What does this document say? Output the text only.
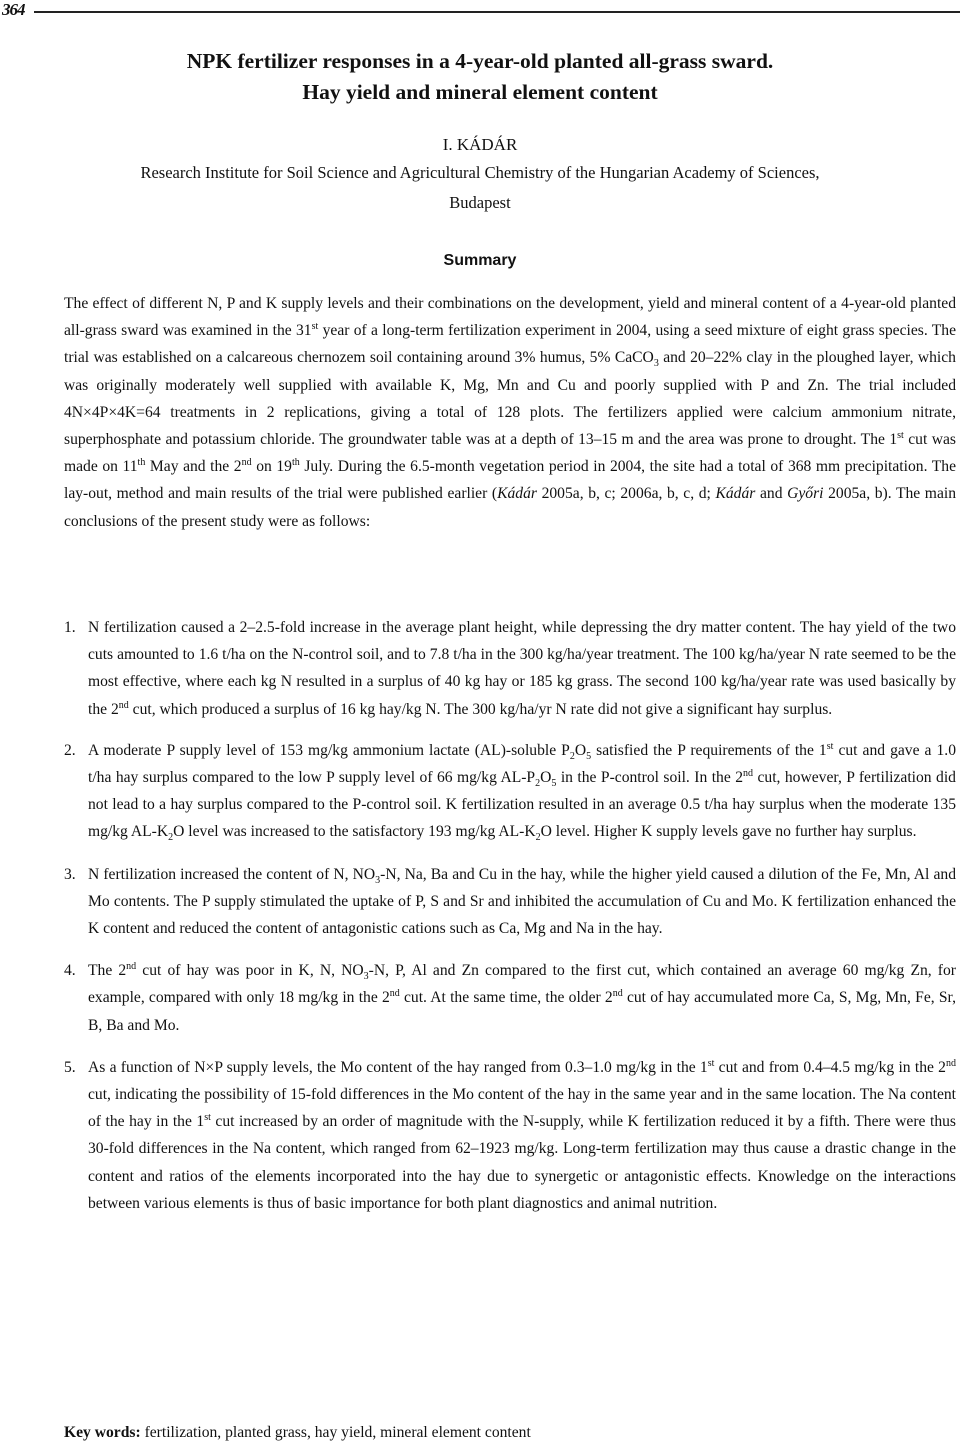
364
NPK fertilizer responses in a 4-year-old planted all-grass sward.
Hay yield and mineral element content

I. KÁDÁR

Research Institute for Soil Science and Agricultural Chemistry of the Hungarian Academy of Sciences,
Budapest

Summary

The effect of different N, P and K supply levels and their combinations on the development, yield and mineral content of a 4-year-old planted all-grass sward was examined in the 31st year of a long-term fertilization experiment in 2004, using a seed mixture of eight grass species. The trial was established on a calcareous chernozem soil containing around 3% humus, 5% CaCO$_3$ and 20–22% clay in the ploughed layer, which was originally moderately well supplied with available K, Mg, Mn and Cu and poorly supplied with P and Zn. The trial included 4N×4P×4K=64 treatments in 2 replications, giving a total of 128 plots. The fertilizers applied were calcium ammonium nitrate, superphosphate and potassium chloride. The groundwater table was at a depth of 13–15 m and the area was prone to drought. The 1st cut was made on 11th May and the 2nd on 19th July. During the 6.5-month vegetation period in 2004, the site had a total of 368 mm precipitation. The lay-out, method and main results of the trial were published earlier (Kádár 2005a, b, c; 2006a, b, c, d; Kádár and Győri 2005a, b). The main conclusions of the present study were as follows:

1. N fertilization caused a 2–2.5-fold increase in the average plant height, while depressing the dry matter content. The hay yield of the two cuts amounted to 1.6 t/ha on the N-control soil, and to 7.8 t/ha in the 300 kg/ha/year treatment. The 100 kg/ha/year N rate seemed to be the most effective, where each kg N resulted in a surplus of 40 kg hay or 185 kg grass. The second 100 kg/ha/year rate was used basically by the 2nd cut, which produced a surplus of 16 kg hay/kg N. The 300 kg/ha/yr N rate did not give a significant hay surplus.
2. A moderate P supply level of 153 mg/kg ammonium lactate (AL)-soluble $P_2O_5$ satisfied the P requirements of the 1st cut and gave a 1.0 t/ha hay surplus compared to the low P supply level of 66 mg/kg $AL-P_2O_5$ in the P-control soil. In the 2nd cut, however, P fertilization did not lead to a hay surplus compared to the P-control soil. K fertilization resulted in an average 0.5 t/ha hay surplus when the moderate 135 mg/kg $AL-K_2O$ level was increased to the satisfactory 193 mg/kg $AL-K_2O$ level. Higher K supply levels gave no further hay surplus.
3. N fertilization increased the content of N, $NO_3-N$, Na, Ba and Cu in the hay, while the higher yield caused a dilution of the Fe, Mn, Al and Mo contents. The P supply stimulated the uptake of P, S and Sr and inhibited the accumulation of Cu and Mo. K fertilization enhanced the K content and reduced the content of antagonistic cations such as Ca, Mg and Na in the hay.
4. The 2nd cut of hay was poor in K, N, $NO_3-N$, P, Al and Zn compared to the first cut, which contained an average 60 mg/kg Zn, for example, compared with only 18 mg/kg in the 2nd cut. At the same time, the older 2nd cut of hay accumulated more Ca, S, Mg, Mn, Fe, Sr, B, Ba and Mo.
5. As a function of N×P supply levels, the Mo content of the hay ranged from 0.3–1.0 mg/kg in the 1st cut and from 0.4–4.5 mg/kg in the 2nd cut, indicating the possibility of 15-fold differences in the Mo content of the hay in the same year and in the same location. The Na content of the hay in the 1st cut increased by an order of magnitude with the N-supply, while K fertilization reduced it by a fifth. There were thus 30-fold differences in the Na content, which ranged from 62–1923 mg/kg. Long-term fertilization may thus cause a drastic change in the content and ratios of the elements incorporated into the hay due to synergetic or antagonistic effects. Knowledge on the interactions between various elements is thus of basic importance for both plant diagnostics and animal nutrition.

Key words: fertilization, planted grass, hay yield, mineral element content
